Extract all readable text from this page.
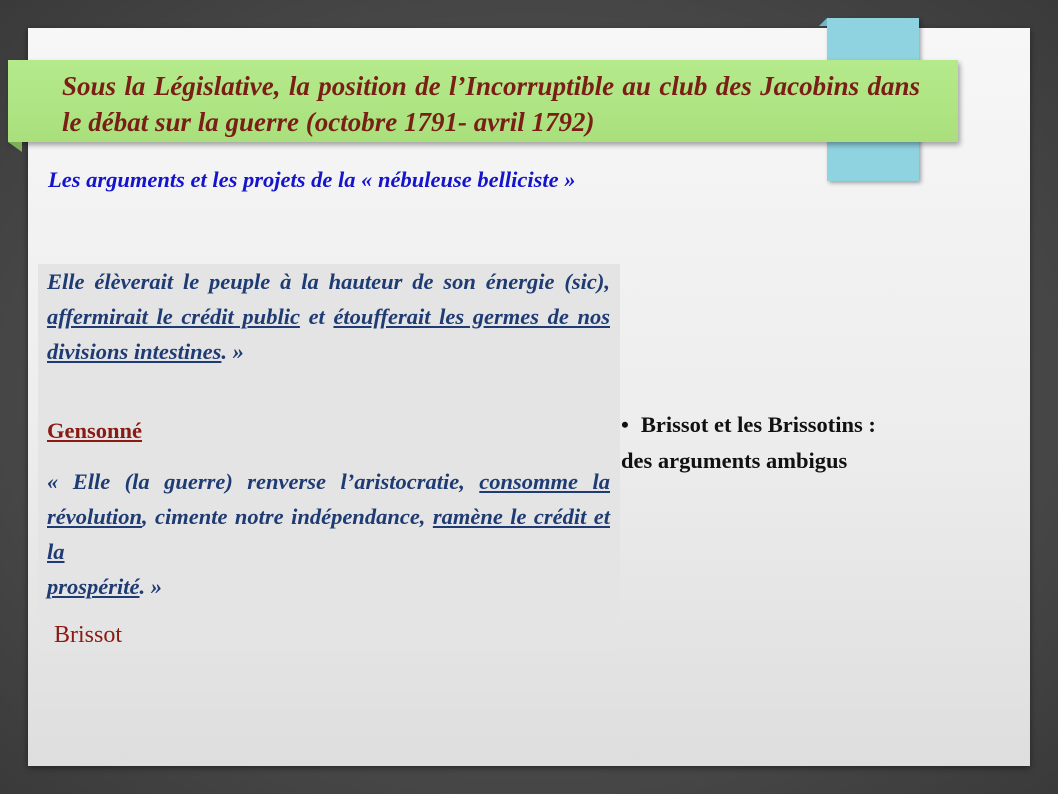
Sous la Législative, la position de l’Incorruptible au club des Jacobins dans le débat sur la guerre (octobre 1791- avril 1792)
Les arguments et les projets de la « nébuleuse belliciste »
Elle élèverait le peuple à la hauteur de son énergie (sic), affermirait le crédit public et étoufferait les germes de nos divisions intestines. »
Gensonné
« Elle (la guerre) renverse l’aristocratie, consomme la révolution, cimente notre indépendance, ramène le crédit et la
prospérité. »
Brissot
• Brissot et les Brissotins :
des arguments ambigus
